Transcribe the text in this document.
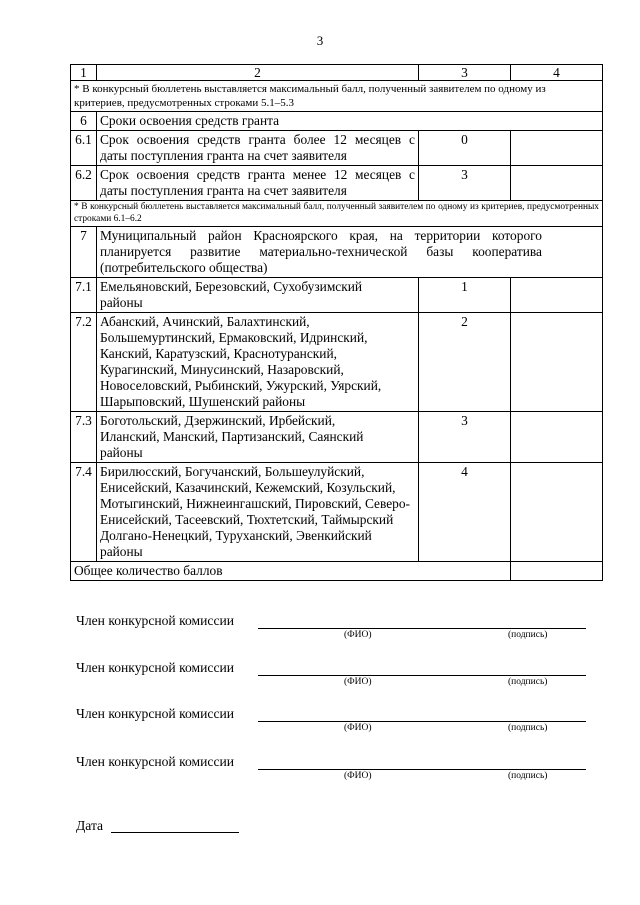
3
1	2	3	4
* В конкурсный бюллетень выставляется максимальный балл, полученный заявителем по одному из критериев, предусмотренных строками 5.1–5.3			
6	Сроки освоения средств гранта		
6.1	Срок освоения средств гранта более 12 месяцев с
даты поступления гранта на счет заявителя	0	
6.2	Срок освоения средств гранта менее 12 месяцев с
даты поступления гранта на счет заявителя	3	
* В конкурсный бюллетень выставляется максимальный балл, полученный заявителем по одному из критериев, предусмотренных строками 6.1–6.2			
7	Муниципальный район Красноярского края, на территории которого планируется развитие материально-технической базы кооператива (потребительского общества)		
7.1	Емельяновский, Березовский, Сухобузимский районы	1	
7.2	Абанский, Ачинский, Балахтинский, Большемуртинский, Ермаковский, Идринский, Канский, Каратузский, Краснотуранский, Курагинский, Минусинский, Назаровский, Новоселовский, Рыбинский, Ужурский, Уярский, Шарыповский, Шушенский районы	2	
7.3	Боготольский, Дзержинский, Ирбейский, Иланский, Манский, Партизанский, Саянский районы	3	
7.4	Бирилюсский, Богучанский, Большеулуйский, Енисейский, Казачинский, Кежемский, Козульский, Мотыгинский, Нижнеингашский, Пировский, Северо-Енисейский, Тасеевский, Тюхтетский, Таймырский Долгано-Ненецкий, Туруханский, Эвенкийский районы	4	
Общее количество баллов			
Член конкурсной комиссии
(ФИО)	(подпись)
Член конкурсной комиссии
(ФИО)	(подпись)
Член конкурсной комиссии
(ФИО)	(подпись)
Член конкурсной комиссии
(ФИО)	(подпись)
Дата
